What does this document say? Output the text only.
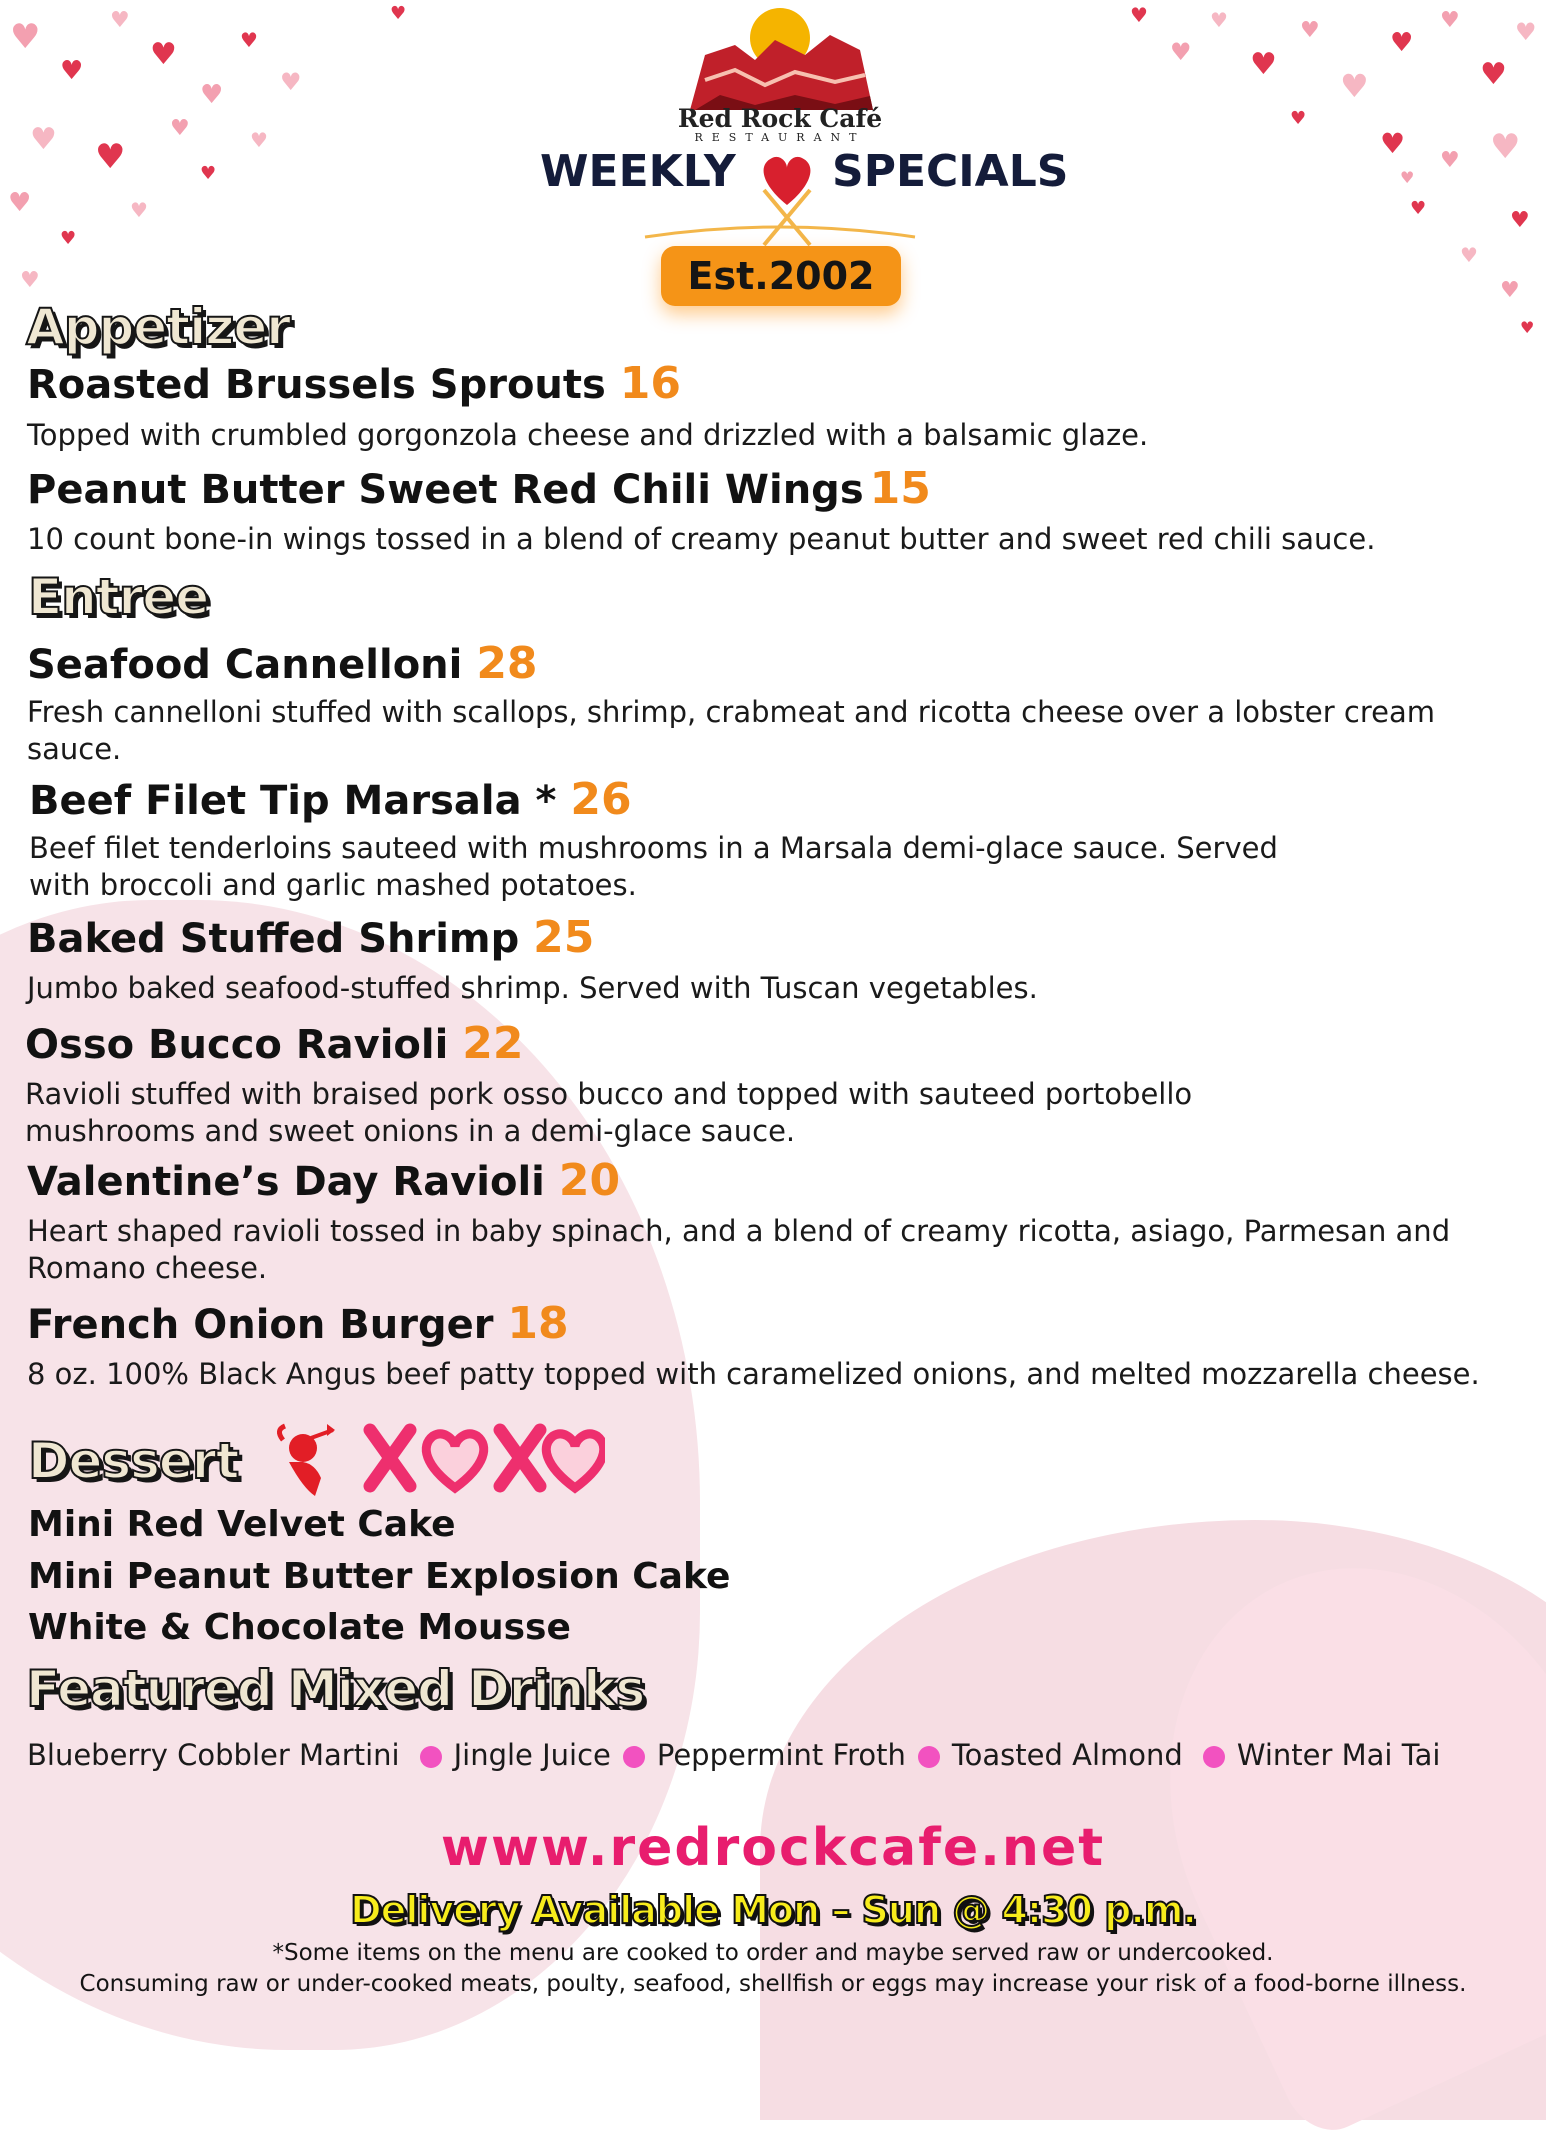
♥
♥
♥
♥
♥
♥
♥
♥ ♥
♥
♥
♥
♥
♥
♥
♥
♥	♥
♥
♥
♥
♥
♥
♥
♥
♥
♥
♥
♥
♥ ♥
♥	♥
♥
♥
♥
♥
Red Rock Café
RESTAURANT
WEEKLY SPECIALS
Est.2002
Appetizer
Roasted Brussels Sprouts 16
Topped with crumbled gorgonzola cheese and drizzled with a balsamic glaze.
Peanut Butter Sweet Red Chili Wings 15
10 count bone-in wings tossed in a blend of creamy peanut butter and sweet red chili sauce.
Entree
Seafood Cannelloni 28
Fresh cannelloni stuffed with scallops, shrimp, crabmeat and ricotta cheese over a lobster cream sauce.
Beef Filet Tip Marsala * 26
Beef filet tenderloins sauteed with mushrooms in a Marsala demi-glace sauce. Served with broccoli and garlic mashed potatoes.
Baked Stuffed Shrimp 25
Jumbo baked seafood-stuffed shrimp. Served with Tuscan vegetables.
Osso Bucco Ravioli 22
Ravioli stuffed with braised pork osso bucco and topped with sauteed portobello mushrooms and sweet onions in a demi-glace sauce.
Valentine’s Day Ravioli 20
Heart shaped ravioli tossed in baby spinach, and a blend of creamy ricotta, asiago, Parmesan and Romano cheese.
French Onion Burger 18
8 oz. 100% Black Angus beef patty topped with caramelized onions, and melted mozzarella cheese.
Dessert
Mini Red Velvet Cake
Mini Peanut Butter Explosion Cake
White & Chocolate Mousse
Featured Mixed Drinks
Blueberry Cobbler Martini Jingle Juice Peppermint Froth Toasted Almond Winter Mai Tai
www.redrockcafe.net
Delivery Available Mon – Sun @ 4:30 p.m.
*Some items on the menu are cooked to order and maybe served raw or undercooked.
Consuming raw or under-cooked meats, poulty, seafood, shellfish or eggs may increase your risk of a food-borne illness.
